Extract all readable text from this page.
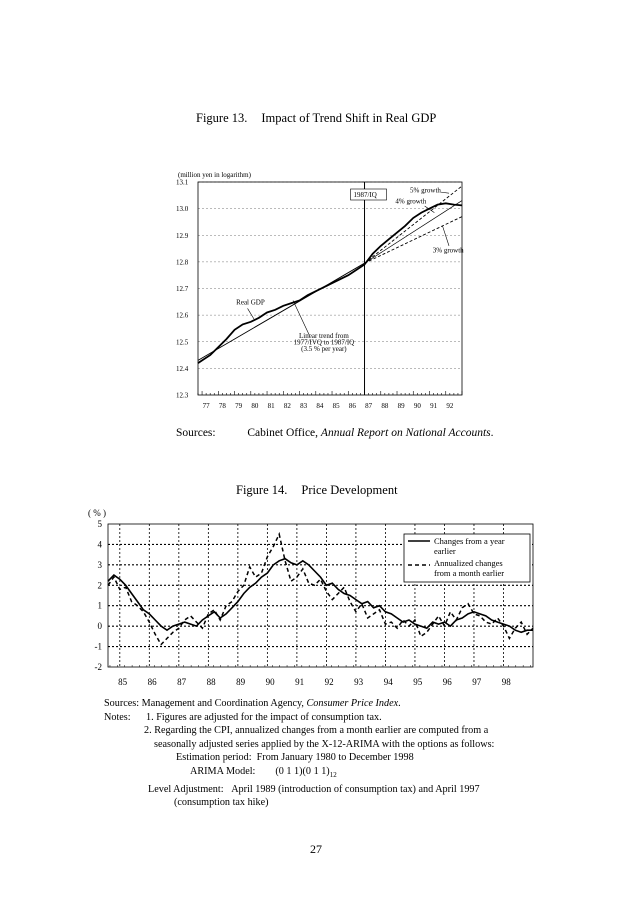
Figure 13. Impact of Trend Shift in Real GDP
(million yen in logarithm)
12.3
12.4
12.5
12.6
12.7
12.8
12.9
13.0
13.1
77 78 79 80 81 82 83 84 85 86 87 88 89 90 91 92
1987/IQ
Real GDP
Linear trend from
1977/IVQ to 1987/IQ
(3.5 % per year)
5% growth
4% growth
3% growth
Sources:	Cabinet Office, Annual Report on National Accounts.
Figure 14. Price Development
( % )
5
4
3
2
1
0
-1
-2
85 86 87 88 89 90 91 92 93 94 95 96 97 98
Changes from a year
earlier
Annualized changes
from a month earlier
Sources: Management and Coordination Agency, Consumer Price Index.
Notes: 1. Figures are adjusted for the impact of consumption tax.
2. Regarding the CPI, annualized changes from a month earlier are computed from a
seasonally adjusted series applied by the X-12-ARIMA with the options as follows:
Estimation period: From January 1980 to December 1998
ARIMA Model: (0 1 1)(0 1 $1)_{12}$
Level Adjustment: April 1989 (introduction of consumption tax) and April 1997
(consumption tax hike)
27
